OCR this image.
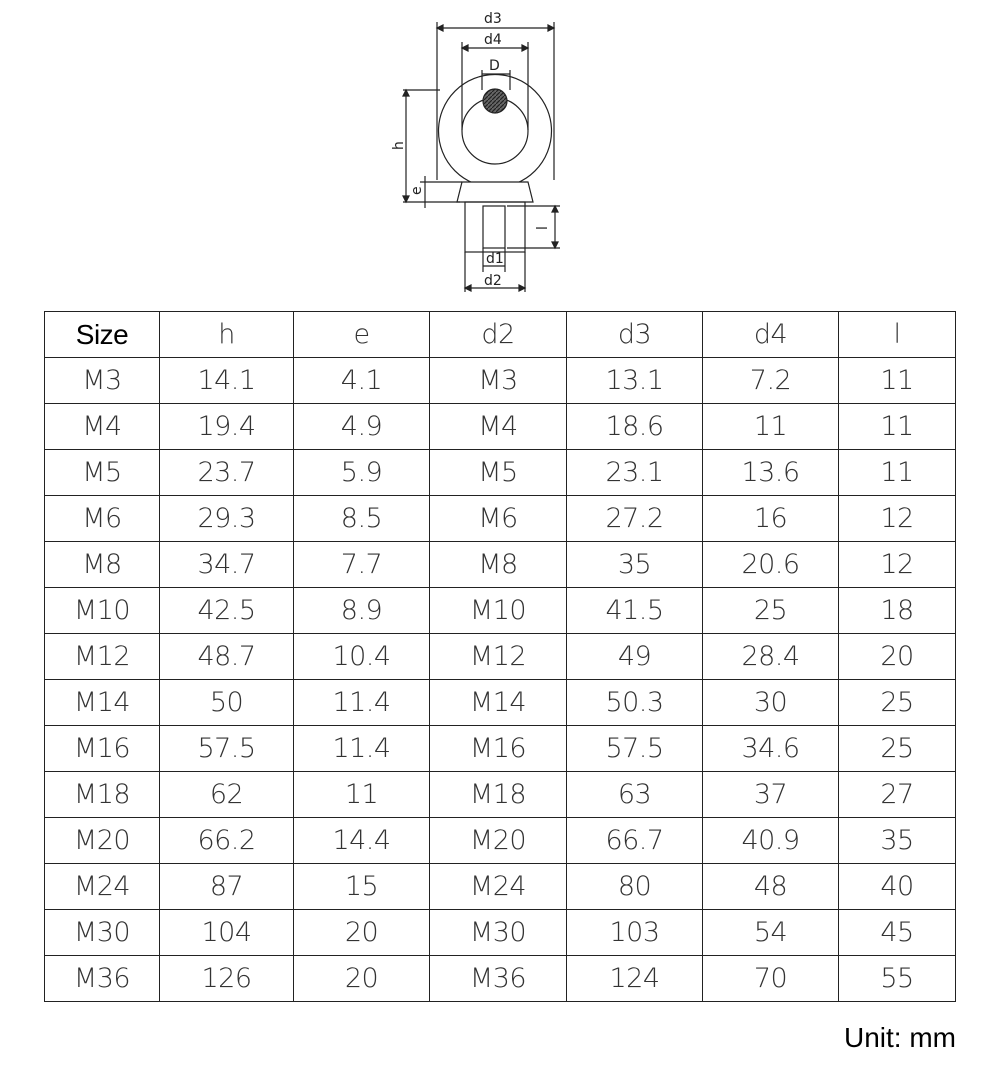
d3
d4
D
h
e
l
d1
d2
Size	h	e	d2	d3	d4	l
M3	14.1	4.1	M3	13.1	7.2	11
M4	19.4	4.9	M4	18.6	11	11
M5	23.7	5.9	M5	23.1	13.6	11
M6	29.3	8.5	M6	27.2	16	12
M8	34.7	7.7	M8	35	20.6	12
M10	42.5	8.9	M10	41.5	25	18
M12	48.7	10.4	M12	49	28.4	20
M14	50	11.4	M14	50.3	30	25
M16	57.5	11.4	M16	57.5	34.6	25
M18	62	11	M18	63	37	27
M20	66.2	14.4	M20	66.7	40.9	35
M24	87	15	M24	80	48	40
M30	104	20	M30	103	54	45
M36	126	20	M36	124	70	55
Unit: mm
